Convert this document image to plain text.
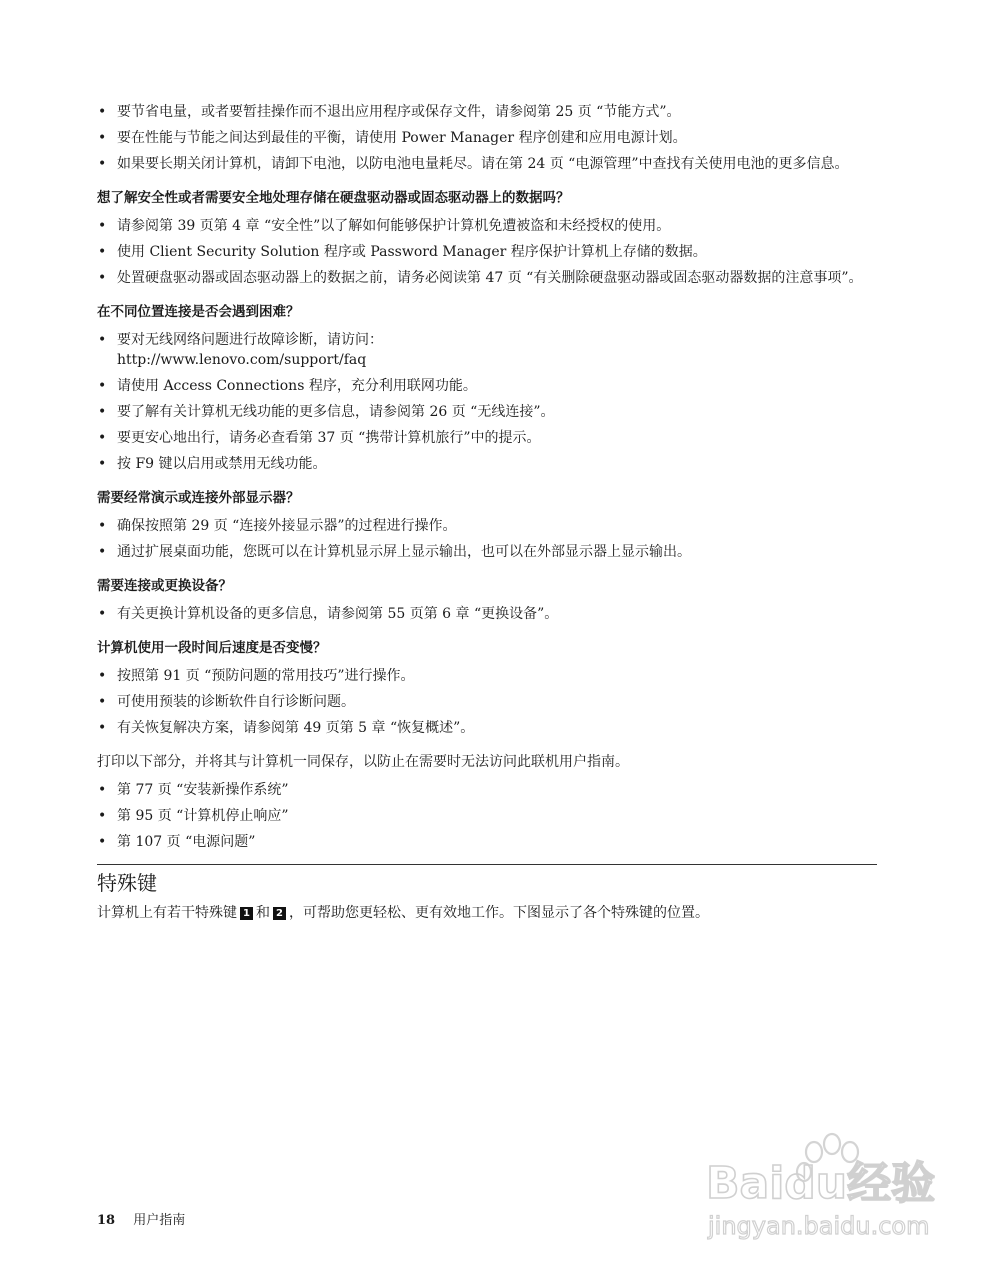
• 要节省电量，或者要暂挂操作而不退出应用程序或保存文件，请参阅第 25 页 “节能方式”。
• 要在性能与节能之间达到最佳的平衡，请使用 Power Manager 程序创建和应用电源计划。
• 如果要长期关闭计算机，请卸下电池，以防电池电量耗尽。请在第 24 页 “电源管理”中查找有关使用电池的更多信息。
想了解安全性或者需要安全地处理存储在硬盘驱动器或固态驱动器上的数据吗？
• 请参阅第 39 页第 4 章 “安全性”以了解如何能够保护计算机免遭被盗和未经授权的使用。
• 使用 Client Security Solution 程序或 Password Manager 程序保护计算机上存储的数据。
• 处置硬盘驱动器或固态驱动器上的数据之前，请务必阅读第 47 页 “有关删除硬盘驱动器或固态驱动器数据的注意事项”。
在不同位置连接是否会遇到困难？
• 要对无线网络问题进行故障诊断，请访问：
http://www.lenovo.com/support/faq
• 请使用 Access Connections 程序，充分利用联网功能。
• 要了解有关计算机无线功能的更多信息，请参阅第 26 页 “无线连接”。
• 要更安心地出行，请务必查看第 37 页 “携带计算机旅行”中的提示。
• 按 F9 键以启用或禁用无线功能。
需要经常演示或连接外部显示器？
• 确保按照第 29 页 “连接外接显示器”的过程进行操作。
• 通过扩展桌面功能，您既可以在计算机显示屏上显示输出，也可以在外部显示器上显示输出。
需要连接或更换设备？
• 有关更换计算机设备的更多信息，请参阅第 55 页第 6 章 “更换设备”。
计算机使用一段时间后速度是否变慢？
• 按照第 91 页 “预防问题的常用技巧”进行操作。
• 可使用预装的诊断软件自行诊断问题。
• 有关恢复解决方案，请参阅第 49 页第 5 章 “恢复概述”。

打印以下部分，并将其与计算机一同保存，以防止在需要时无法访问此联机用户指南。

• 第 77 页 “安装新操作系统”
• 第 95 页 “计算机停止响应”
• 第 107 页 “电源问题”
特殊键
计算机上有若干特殊键 1 和 2 ，可帮助您更轻松、更有效地工作。下图显示了各个特殊键的位置。
Baidu经验
jingyan.baidu.com
18 用户指南
